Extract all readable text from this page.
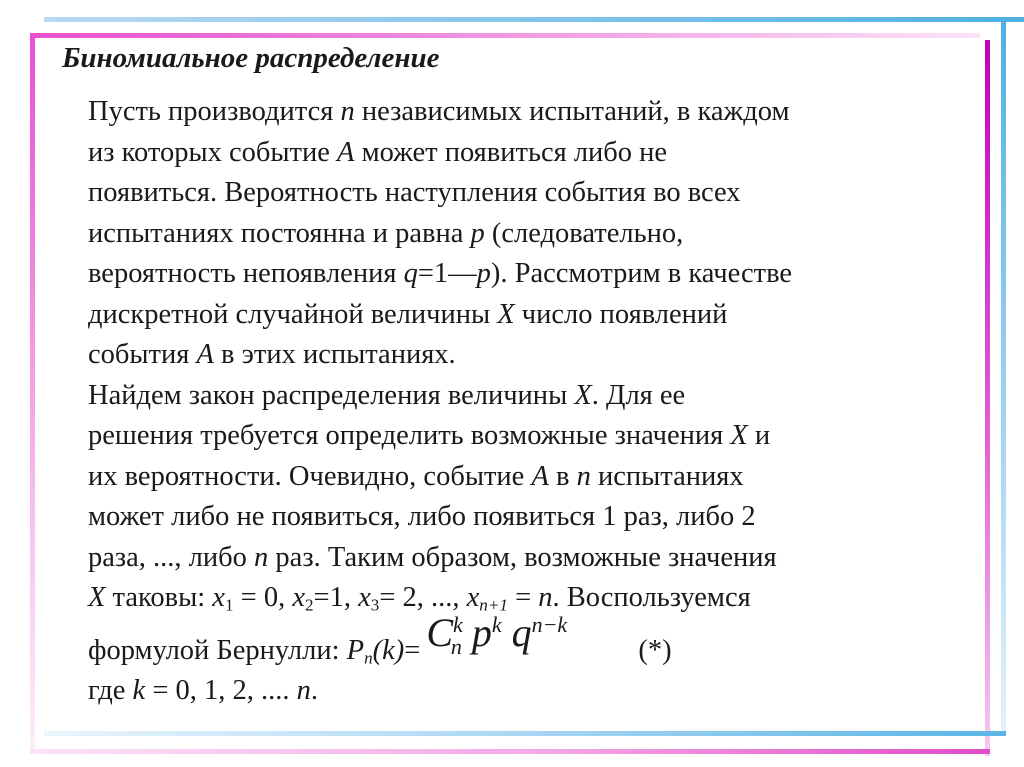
Биномиальное распределение
Пусть производится n независимых испытаний, в каждом
из которых событие A может появиться либо не
появиться. Вероятность наступления события во всех
испытаниях постоянна и равна p (следовательно,
вероятность непоявления q=1—p). Рассмотрим в качестве
дискретной случайной величины X число появлений
события A в этих испытаниях.
Найдем закон распределения величины X. Для ее
решения требуется определить возможные значения X и
их вероятности. Очевидно, событие A в n испытаниях
может либо не появиться, либо появиться 1 раз, либо 2
раза, ..., либо n раз. Таким образом, возможные значения
X таковы: $x_1 = 0$, $x_2=1$, $x_3= 2$, ..., $x_{n+1} = n$. Воспользуемся
формулой Бернулли: $P_n(k)= C^k_n$ $p^k$ $q^{n-k}$
(*)
где k = 0, 1, 2, .... n.
